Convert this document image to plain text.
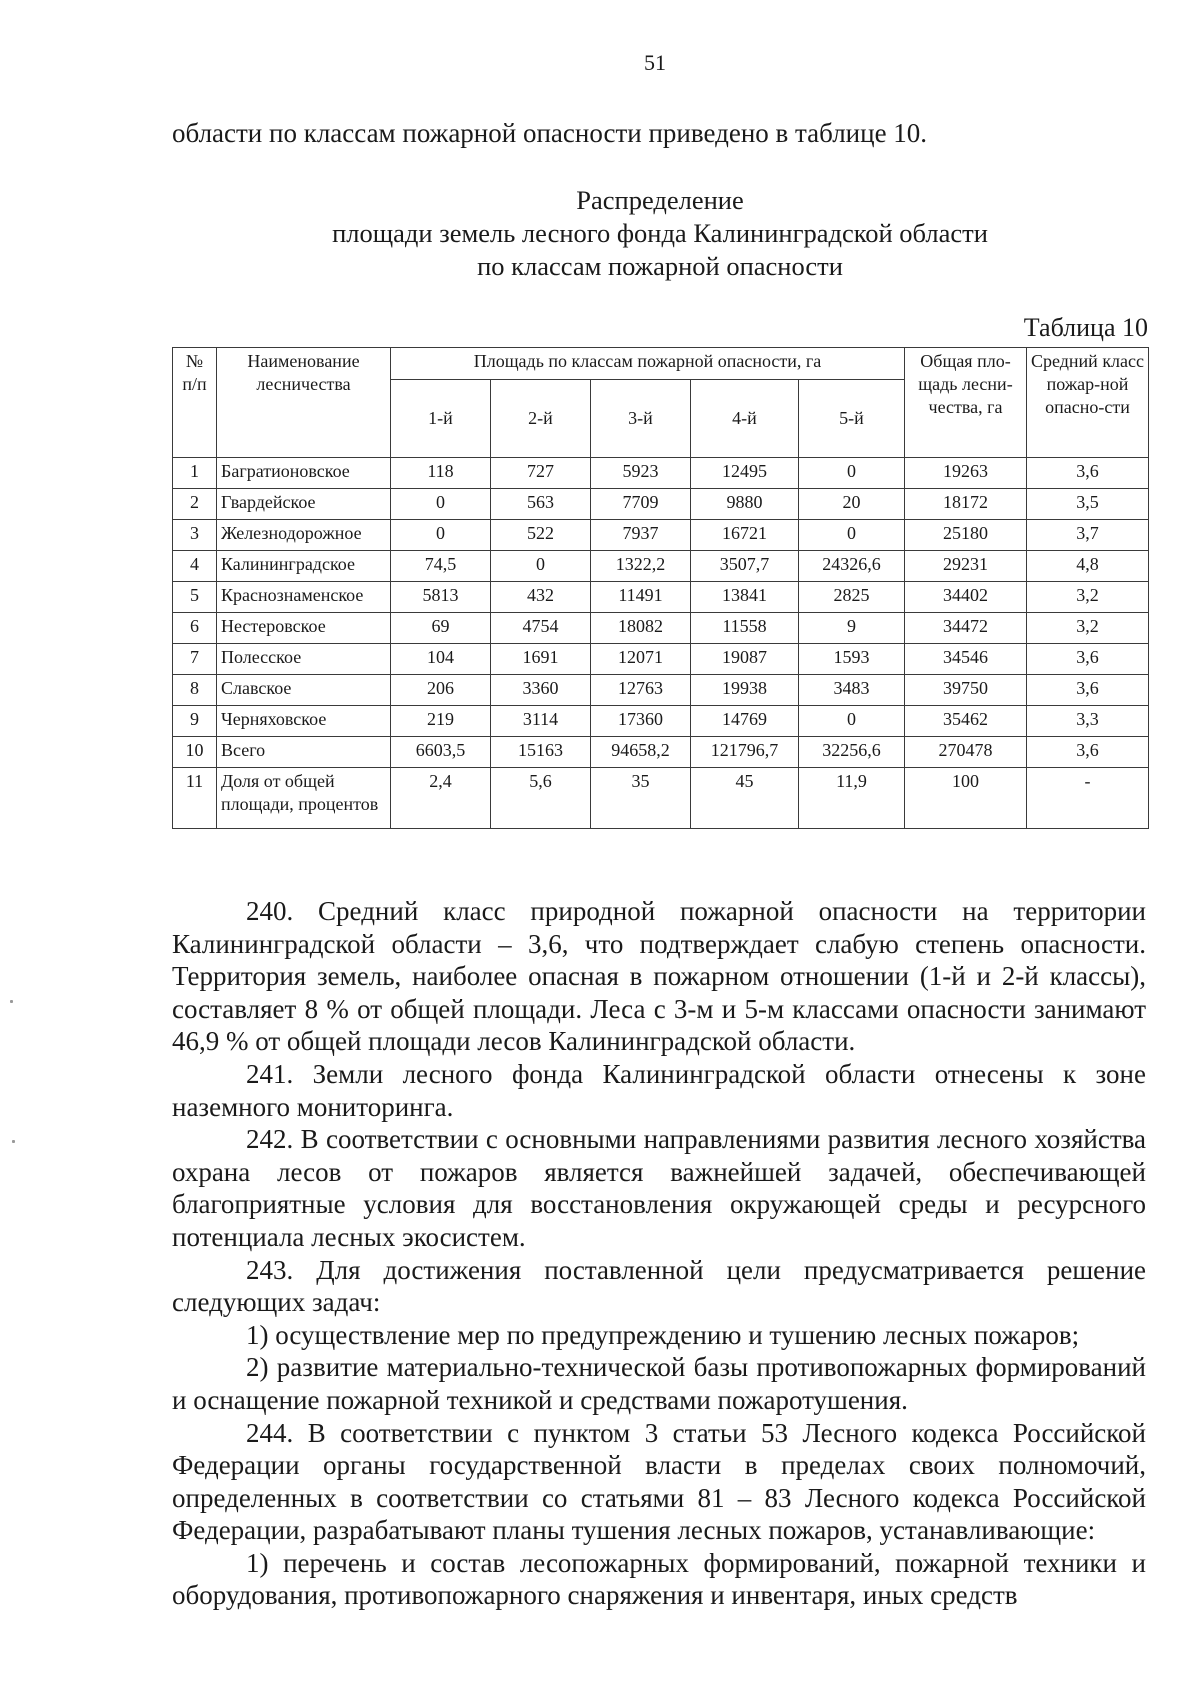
51
области по классам пожарной опасности приведено в таблице 10.
Распределение
площади земель лесного фонда Калининградской области
по классам пожарной опасности
Таблица 10
№ п/п	Наименование лесничества	Площадь по классам пожарной опасности, га					Общая пло-щадь лесни-чества, га	Средний класс пожар-ной опасно-сти
		1-й	2-й	3-й	4-й	5-й		
1	Багратионовское	118	727	5923	12495	0	19263	3,6
2	Гвардейское	0	563	7709	9880	20	18172	3,5
3	Железнодорожное	0	522	7937	16721	0	25180	3,7
4	Калининградское	74,5	0	1322,2	3507,7	24326,6	29231	4,8
5	Краснознаменское	5813	432	11491	13841	2825	34402	3,2
6	Нестеровское	69	4754	18082	11558	9	34472	3,2
7	Полесское	104	1691	12071	19087	1593	34546	3,6
8	Славское	206	3360	12763	19938	3483	39750	3,6
9	Черняховское	219	3114	17360	14769	0	35462	3,3
10	Всего	6603,5	15163	94658,2	121796,7	32256,6	270478	3,6
11	Доля от общей площади, процентов	2,4	5,6	35	45	11,9	100	-

240. Средний класс природной пожарной опасности на территории Калининградской области – 3,6, что подтверждает слабую степень опасности. Территория земель, наиболее опасная в пожарном отношении (1-й и 2-й классы), составляет 8 % от общей площади. Леса с 3-м и 5-м классами опасности занимают 46,9 % от общей площади лесов Калининградской области.

241. Земли лесного фонда Калининградской области отнесены к зоне наземного мониторинга.

242. В соответствии с основными направлениями развития лесного хозяйства охрана лесов от пожаров является важнейшей задачей, обеспечивающей благоприятные условия для восстановления окружающей среды и ресурсного потенциала лесных экосистем.

243. Для достижения поставленной цели предусматривается решение следующих задач:

1) осуществление мер по предупреждению и тушению лесных пожаров;

2) развитие материально-технической базы противопожарных формирований и оснащение пожарной техникой и средствами пожаротушения.

244. В соответствии с пунктом 3 статьи 53 Лесного кодекса Российской Федерации органы государственной власти в пределах своих полномочий, определенных в соответствии со статьями 81 – 83 Лесного кодекса Российской Федерации, разрабатывают планы тушения лесных пожаров, устанавливающие:

1) перечень и состав лесопожарных формирований, пожарной техники и оборудования, противопожарного снаряжения и инвентаря, иных средств
